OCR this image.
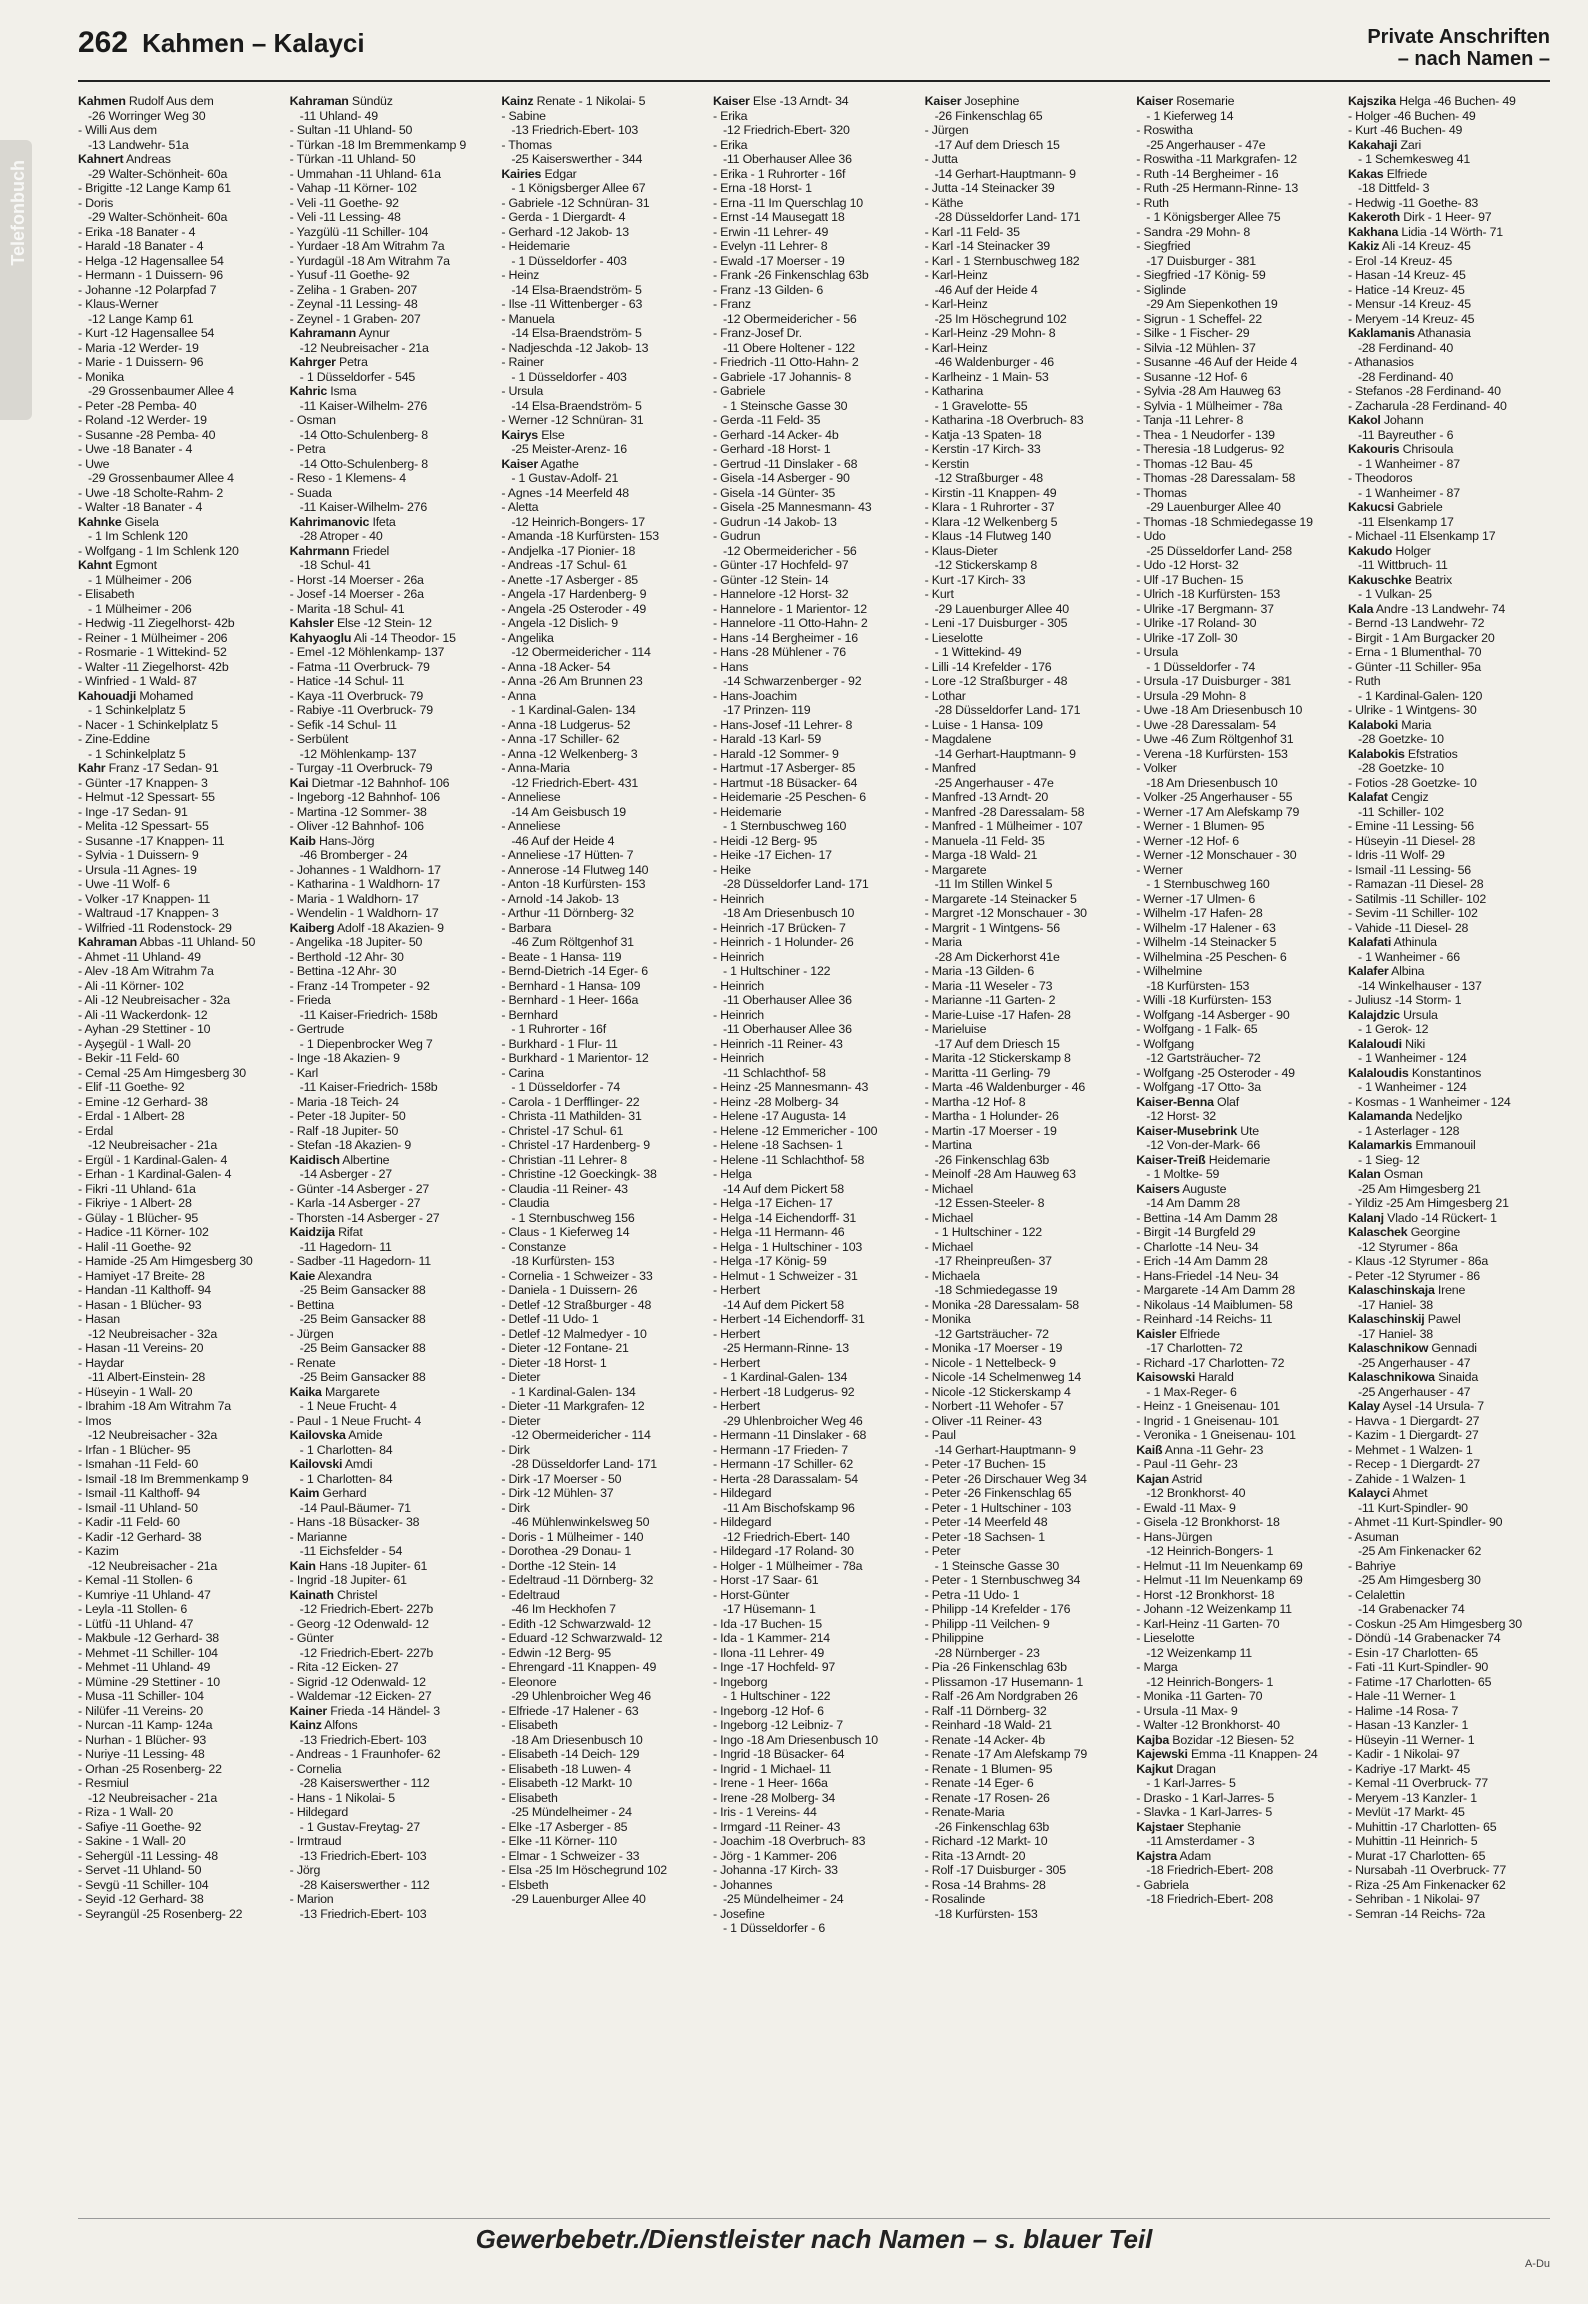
Telefonbuch
262 Kahmen – Kalayci	Private Anschriften
– nach Namen –
Kahmen Rudolf Aus dem
-26 Worringer Weg 30
- Willi Aus dem
-13 Landwehr- 51a
Kahnert Andreas
-29 Walter-Schönheit- 60a
- Brigitte -12 Lange Kamp 61
- Doris
-29 Walter-Schönheit- 60a
- Erika -18 Banater - 4
- Harald -18 Banater - 4
- Helga -12 Hagensallee 54
- Hermann - 1 Duissern- 96
- Johanne -12 Polarpfad 7
- Klaus-Werner
-12 Lange Kamp 61
- Kurt -12 Hagensallee 54
- Maria -12 Werder- 19
- Marie - 1 Duissern- 96
- Monika
-29 Grossenbaumer Allee 4
- Peter -28 Pemba- 40
- Roland -12 Werder- 19
- Susanne -28 Pemba- 40
- Uwe -18 Banater - 4
- Uwe
-29 Grossenbaumer Allee 4
- Uwe -18 Scholte-Rahm- 2
- Walter -18 Banater - 4
Kahnke Gisela
- 1 Im Schlenk 120
- Wolfgang - 1 Im Schlenk 120
Kahnt Egmont
- 1 Mülheimer - 206
- Elisabeth
- 1 Mülheimer - 206
- Hedwig -11 Ziegelhorst- 42b
- Reiner - 1 Mülheimer - 206
- Rosmarie - 1 Wittekind- 52
- Walter -11 Ziegelhorst- 42b
- Winfried - 1 Wald- 87
Kahouadji Mohamed
- 1 Schinkelplatz 5
- Nacer - 1 Schinkelplatz 5
- Zine-Eddine
- 1 Schinkelplatz 5
Kahr Franz -17 Sedan- 91
- Günter -17 Knappen- 3
- Helmut -12 Spessart- 55
- Inge -17 Sedan- 91
- Melita -12 Spessart- 55
- Susanne -17 Knappen- 11
- Sylvia - 1 Duissern- 9
- Ursula -11 Agnes- 19
- Uwe -11 Wolf- 6
- Volker -17 Knappen- 11
- Waltraud -17 Knappen- 3
- Wilfried -11 Rodenstock- 29
Kahraman Abbas -11 Uhland- 50
- Ahmet -11 Uhland- 49
- Alev -18 Am Witrahm 7a
- Ali -11 Körner- 102
- Ali -12 Neubreisacher - 32a
- Ali -11 Wackerdonk- 12
- Ayhan -29 Stettiner - 10
- Ayşegül - 1 Wall- 20
- Bekir -11 Feld- 60
- Cemal -25 Am Himgesberg 30
- Elif -11 Goethe- 92
- Emine -12 Gerhard- 38
- Erdal - 1 Albert- 28
- Erdal
-12 Neubreisacher - 21a
- Ergül - 1 Kardinal-Galen- 4
- Erhan - 1 Kardinal-Galen- 4
- Fikri -11 Uhland- 61a
- Fikriye - 1 Albert- 28
- Gülay - 1 Blücher- 95
- Hadice -11 Körner- 102
- Halil -11 Goethe- 92
- Hamide -25 Am Himgesberg 30
- Hamiyet -17 Breite- 28
- Handan -11 Kalthoff- 94
- Hasan - 1 Blücher- 93
- Hasan
-12 Neubreisacher - 32a
- Hasan -11 Vereins- 20
- Haydar
-11 Albert-Einstein- 28
- Hüseyin - 1 Wall- 20
- Ibrahim -18 Am Witrahm 7a
- Imos
-12 Neubreisacher - 32a
- Irfan - 1 Blücher- 95
- Ismahan -11 Feld- 60
- Ismail -18 Im Bremmenkamp 9
- Ismail -11 Kalthoff- 94
- Ismail -11 Uhland- 50
- Kadir -11 Feld- 60
- Kadir -12 Gerhard- 38
- Kazim
-12 Neubreisacher - 21a
- Kemal -11 Stollen- 6
- Kumriye -11 Uhland- 47
- Leyla -11 Stollen- 6
- Lütfü -11 Uhland- 47
- Makbule -12 Gerhard- 38
- Mehmet -11 Schiller- 104
- Mehmet -11 Uhland- 49
- Mümine -29 Stettiner - 10
- Musa -11 Schiller- 104
- Nilüfer -11 Vereins- 20
- Nurcan -11 Kamp- 124a
- Nurhan - 1 Blücher- 93
- Nuriye -11 Lessing- 48
- Orhan -25 Rosenberg- 22
- Resmiul
-12 Neubreisacher - 21a
- Riza - 1 Wall- 20
- Safiye -11 Goethe- 92
- Sakine - 1 Wall- 20
- Sehergül -11 Lessing- 48
- Servet -11 Uhland- 50
- Sevgü -11 Schiller- 104
- Seyid -12 Gerhard- 38
- Seyrangül -25 Rosenberg- 22
Kahraman Sündüz
-11 Uhland- 49
- Sultan -11 Uhland- 50
- Türkan -18 Im Bremmenkamp 9
- Türkan -11 Uhland- 50
- Ummahan -11 Uhland- 61a
- Vahap -11 Körner- 102
- Veli -11 Goethe- 92
- Veli -11 Lessing- 48
- Yazgülü -11 Schiller- 104
- Yurdaer -18 Am Witrahm 7a
- Yurdagül -18 Am Witrahm 7a
- Yusuf -11 Goethe- 92
- Zeliha - 1 Graben- 207
- Zeynal -11 Lessing- 48
- Zeynel - 1 Graben- 207
Kahramann Aynur
-12 Neubreisacher - 21a
Kahrger Petra
- 1 Düsseldorfer - 545
Kahric Isma
-11 Kaiser-Wilhelm- 276
- Osman
-14 Otto-Schulenberg- 8
- Petra
-14 Otto-Schulenberg- 8
- Reso - 1 Klemens- 4
- Suada
-11 Kaiser-Wilhelm- 276
Kahrimanovic Ifeta
-28 Atroper - 40
Kahrmann Friedel
-18 Schul- 41
- Horst -14 Moerser - 26a
- Josef -14 Moerser - 26a
- Marita -18 Schul- 41
Kahsler Else -12 Stein- 12
Kahyaoglu Ali -14 Theodor- 15
- Emel -12 Möhlenkamp- 137
- Fatma -11 Overbruck- 79
- Hatice -14 Schul- 11
- Kaya -11 Overbruck- 79
- Rabiye -11 Overbruck- 79
- Sefik -14 Schul- 11
- Serbülent
-12 Möhlenkamp- 137
- Turgay -11 Overbruck- 79
Kai Dietmar -12 Bahnhof- 106
- Ingeborg -12 Bahnhof- 106
- Martina -12 Sommer- 38
- Oliver -12 Bahnhof- 106
Kaib Hans-Jörg
-46 Bromberger - 24
- Johannes - 1 Waldhorn- 17
- Katharina - 1 Waldhorn- 17
- Maria - 1 Waldhorn- 17
- Wendelin - 1 Waldhorn- 17
Kaiberg Adolf -18 Akazien- 9
- Angelika -18 Jupiter- 50
- Berthold -12 Ahr- 30
- Bettina -12 Ahr- 30
- Franz -14 Trompeter - 92
- Frieda
-11 Kaiser-Friedrich- 158b
- Gertrude
- 1 Diepenbrocker Weg 7
- Inge -18 Akazien- 9
- Karl
-11 Kaiser-Friedrich- 158b
- Maria -18 Teich- 24
- Peter -18 Jupiter- 50
- Ralf -18 Jupiter- 50
- Stefan -18 Akazien- 9
Kaidisch Albertine
-14 Asberger - 27
- Günter -14 Asberger - 27
- Karla -14 Asberger - 27
- Thorsten -14 Asberger - 27
Kaidzija Rifat
-11 Hagedorn- 11
- Sadber -11 Hagedorn- 11
Kaie Alexandra
-25 Beim Gansacker 88
- Bettina
-25 Beim Gansacker 88
- Jürgen
-25 Beim Gansacker 88
- Renate
-25 Beim Gansacker 88
Kaika Margarete
- 1 Neue Frucht- 4
- Paul - 1 Neue Frucht- 4
Kailovska Amide
- 1 Charlotten- 84
Kailovski Amdi
- 1 Charlotten- 84
Kaim Gerhard
-14 Paul-Bäumer- 71
- Hans -18 Büsacker- 38
- Marianne
-11 Eichsfelder - 54
Kain Hans -18 Jupiter- 61
- Ingrid -18 Jupiter- 61
Kainath Christel
-12 Friedrich-Ebert- 227b
- Georg -12 Odenwald- 12
- Günter
-12 Friedrich-Ebert- 227b
- Rita -12 Eicken- 27
- Sigrid -12 Odenwald- 12
- Waldemar -12 Eicken- 27
Kainer Frieda -14 Händel- 3
Kainz Alfons
-13 Friedrich-Ebert- 103
- Andreas - 1 Fraunhofer- 62
- Cornelia
-28 Kaiserswerther - 112
- Hans - 1 Nikolai- 5
- Hildegard
- 1 Gustav-Freytag- 27
- Irmtraud
-13 Friedrich-Ebert- 103
- Jörg
-28 Kaiserswerther - 112
- Marion
-13 Friedrich-Ebert- 103
Kainz Renate - 1 Nikolai- 5
- Sabine
-13 Friedrich-Ebert- 103
- Thomas
-25 Kaiserswerther - 344
Kairies Edgar
- 1 Königsberger Allee 67
- Gabriele -12 Schnüran- 31
- Gerda - 1 Diergardt- 4
- Gerhard -12 Jakob- 13
- Heidemarie
- 1 Düsseldorfer - 403
- Heinz
-14 Elsa-Braendström- 5
- Ilse -11 Wittenberger - 63
- Manuela
-14 Elsa-Braendström- 5
- Nadjeschda -12 Jakob- 13
- Rainer
- 1 Düsseldorfer - 403
- Ursula
-14 Elsa-Braendström- 5
- Werner -12 Schnüran- 31
Kairys Else
-25 Meister-Arenz- 16
Kaiser Agathe
- 1 Gustav-Adolf- 21
- Agnes -14 Meerfeld 48
- Aletta
-12 Heinrich-Bongers- 17
- Amanda -18 Kurfürsten- 153
- Andjelka -17 Pionier- 18
- Andreas -17 Schul- 61
- Anette -17 Asberger - 85
- Angela -17 Hardenberg- 9
- Angela -25 Osteroder - 49
- Angela -12 Dislich- 9
- Angelika
-12 Obermeidericher - 114
- Anna -18 Acker- 54
- Anna -26 Am Brunnen 23
- Anna
- 1 Kardinal-Galen- 134
- Anna -18 Ludgerus- 52
- Anna -17 Schiller- 62
- Anna -12 Welkenberg- 3
- Anna-Maria
-12 Friedrich-Ebert- 431
- Anneliese
-14 Am Geisbusch 19
- Anneliese
-46 Auf der Heide 4
- Anneliese -17 Hütten- 7
- Annerose -14 Flutweg 140
- Anton -18 Kurfürsten- 153
- Arnold -14 Jakob- 13
- Arthur -11 Dörnberg- 32
- Barbara
-46 Zum Röltgenhof 31
- Beate - 1 Hansa- 119
- Bernd-Dietrich -14 Eger- 6
- Bernhard - 1 Hansa- 109
- Bernhard - 1 Heer- 166a
- Bernhard
- 1 Ruhrorter - 16f
- Burkhard - 1 Flur- 11
- Burkhard - 1 Marientor- 12
- Carina
- 1 Düsseldorfer - 74
- Carola - 1 Derfflinger- 22
- Christa -11 Mathilden- 31
- Christel -17 Schul- 61
- Christel -17 Hardenberg- 9
- Christian -11 Lehrer- 8
- Christine -12 Goeckingk- 38
- Claudia -11 Reiner- 43
- Claudia
- 1 Sternbuschweg 156
- Claus - 1 Kieferweg 14
- Constanze
-18 Kurfürsten- 153
- Cornelia - 1 Schweizer - 33
- Daniela - 1 Duissern- 26
- Detlef -12 Straßburger - 48
- Detlef -11 Udo- 1
- Detlef -12 Malmedyer - 10
- Dieter -12 Fontane- 21
- Dieter -18 Horst- 1
- Dieter
- 1 Kardinal-Galen- 134
- Dieter -11 Markgrafen- 12
- Dieter
-12 Obermeidericher - 114
- Dirk
-28 Düsseldorfer Land- 171
- Dirk -17 Moerser - 50
- Dirk -12 Mühlen- 37
- Dirk
-46 Mühlenwinkelsweg 50
- Doris - 1 Mülheimer - 140
- Dorothea -29 Donau- 1
- Dorthe -12 Stein- 14
- Edeltraud -11 Dörnberg- 32
- Edeltraud
-46 Im Heckhofen 7
- Edith -12 Schwarzwald- 12
- Eduard -12 Schwarzwald- 12
- Edwin -12 Berg- 95
- Ehrengard -11 Knappen- 49
- Eleonore
-29 Uhlenbroicher Weg 46
- Elfriede -17 Halener - 63
- Elisabeth
-18 Am Driesenbusch 10
- Elisabeth -14 Deich- 129
- Elisabeth -18 Luwen- 4
- Elisabeth -12 Markt- 10
- Elisabeth
-25 Mündelheimer - 24
- Elke -17 Asberger - 85
- Elke -11 Körner- 110
- Elmar - 1 Schweizer - 33
- Elsa -25 Im Höschegrund 102
- Elsbeth
-29 Lauenburger Allee 40
Kaiser Else -13 Arndt- 34
- Erika
-12 Friedrich-Ebert- 320
- Erika
-11 Oberhauser Allee 36
- Erika - 1 Ruhrorter - 16f
- Erna -18 Horst- 1
- Erna -11 Im Querschlag 10
- Ernst -14 Mausegatt 18
- Erwin -11 Lehrer- 49
- Evelyn -11 Lehrer- 8
- Ewald -17 Moerser - 19
- Frank -26 Finkenschlag 63b
- Franz -13 Gilden- 6
- Franz
-12 Obermeidericher - 56
- Franz-Josef Dr.
-11 Obere Holtener - 122
- Friedrich -11 Otto-Hahn- 2
- Gabriele -17 Johannis- 8
- Gabriele
- 1 Steinsche Gasse 30
- Gerda -11 Feld- 35
- Gerhard -14 Acker- 4b
- Gerhard -18 Horst- 1
- Gertrud -11 Dinslaker - 68
- Gisela -14 Asberger - 90
- Gisela -14 Günter- 35
- Gisela -25 Mannesmann- 43
- Gudrun -14 Jakob- 13
- Gudrun
-12 Obermeidericher - 56
- Günter -17 Hochfeld- 97
- Günter -12 Stein- 14
- Hannelore -12 Horst- 32
- Hannelore - 1 Marientor- 12
- Hannelore -11 Otto-Hahn- 2
- Hans -14 Bergheimer - 16
- Hans -28 Mühlener - 76
- Hans
-14 Schwarzenberger - 92
- Hans-Joachim
-17 Prinzen- 119
- Hans-Josef -11 Lehrer- 8
- Harald -13 Karl- 59
- Harald -12 Sommer- 9
- Hartmut -17 Asberger- 85
- Hartmut -18 Büsacker- 64
- Heidemarie -25 Peschen- 6
- Heidemarie
- 1 Sternbuschweg 160
- Heidi -12 Berg- 95
- Heike -17 Eichen- 17
- Heike
-28 Düsseldorfer Land- 171
- Heinrich
-18 Am Driesenbusch 10
- Heinrich -17 Brücken- 7
- Heinrich - 1 Holunder- 26
- Heinrich
- 1 Hultschiner - 122
- Heinrich
-11 Oberhauser Allee 36
- Heinrich
-11 Oberhauser Allee 36
- Heinrich -11 Reiner- 43
- Heinrich
-11 Schlachthof- 58
- Heinz -25 Mannesmann- 43
- Heinz -28 Molberg- 34
- Helene -17 Augusta- 14
- Helene -12 Emmericher - 100
- Helene -18 Sachsen- 1
- Helene -11 Schlachthof- 58
- Helga
-14 Auf dem Pickert 58
- Helga -17 Eichen- 17
- Helga -14 Eichendorff- 31
- Helga -11 Hermann- 46
- Helga - 1 Hultschiner - 103
- Helga -17 König- 59
- Helmut - 1 Schweizer - 31
- Herbert
-14 Auf dem Pickert 58
- Herbert -14 Eichendorff- 31
- Herbert
-25 Hermann-Rinne- 13
- Herbert
- 1 Kardinal-Galen- 134
- Herbert -18 Ludgerus- 92
- Herbert
-29 Uhlenbroicher Weg 46
- Hermann -11 Dinslaker - 68
- Hermann -17 Frieden- 7
- Hermann -17 Schiller- 62
- Herta -28 Darassalam- 54
- Hildegard
-11 Am Bischofskamp 96
- Hildegard
-12 Friedrich-Ebert- 140
- Hildegard -17 Roland- 30
- Holger - 1 Mülheimer - 78a
- Horst -17 Saar- 61
- Horst-Günter
-17 Hüsemann- 1
- Ida -17 Buchen- 15
- Ida - 1 Kammer- 214
- Ilona -11 Lehrer- 49
- Inge -17 Hochfeld- 97
- Ingeborg
- 1 Hultschiner - 122
- Ingeborg -12 Hof- 6
- Ingeborg -12 Leibniz- 7
- Ingo -18 Am Driesenbusch 10
- Ingrid -18 Büsacker- 64
- Ingrid - 1 Michael- 11
- Irene - 1 Heer- 166a
- Irene -28 Molberg- 34
- Iris - 1 Vereins- 44
- Irmgard -11 Reiner- 43
- Joachim -18 Overbruch- 83
- Jörg - 1 Kammer- 206
- Johanna -17 Kirch- 33
- Johannes
-25 Mündelheimer - 24
- Josefine
- 1 Düsseldorfer - 6
Kaiser Josephine
-26 Finkenschlag 65
- Jürgen
-17 Auf dem Driesch 15
- Jutta
-14 Gerhart-Hauptmann- 9
- Jutta -14 Steinacker 39
- Käthe
-28 Düsseldorfer Land- 171
- Karl -11 Feld- 35
- Karl -14 Steinacker 39
- Karl - 1 Sternbuschweg 182
- Karl-Heinz
-46 Auf der Heide 4
- Karl-Heinz
-25 Im Höschegrund 102
- Karl-Heinz -29 Mohn- 8
- Karl-Heinz
-46 Waldenburger - 46
- Karlheinz - 1 Main- 53
- Katharina
- 1 Gravelotte- 55
- Katharina -18 Overbruch- 83
- Katja -13 Spaten- 18
- Kerstin -17 Kirch- 33
- Kerstin
-12 Straßburger - 48
- Kirstin -11 Knappen- 49
- Klara - 1 Ruhrorter - 37
- Klara -12 Welkenberg 5
- Klaus -14 Flutweg 140
- Klaus-Dieter
-12 Stickerskamp 8
- Kurt -17 Kirch- 33
- Kurt
-29 Lauenburger Allee 40
- Leni -17 Duisburger - 305
- Lieselotte
- 1 Wittekind- 49
- Lilli -14 Krefelder - 176
- Lore -12 Straßburger - 48
- Lothar
-28 Düsseldorfer Land- 171
- Luise - 1 Hansa- 109
- Magdalene
-14 Gerhart-Hauptmann- 9
- Manfred
-25 Angerhauser - 47e
- Manfred -13 Arndt- 20
- Manfred -28 Daressalam- 58
- Manfred - 1 Mülheimer - 107
- Manuela -11 Feld- 35
- Marga -18 Wald- 21
- Margarete
-11 Im Stillen Winkel 5
- Margarete -14 Steinacker 5
- Margret -12 Monschauer - 30
- Margrit - 1 Wintgens- 56
- Maria
-28 Am Dickerhorst 41e
- Maria -13 Gilden- 6
- Maria -11 Weseler - 73
- Marianne -11 Garten- 2
- Marie-Luise -17 Hafen- 28
- Marieluise
-17 Auf dem Driesch 15
- Marita -12 Stickerskamp 8
- Maritta -11 Gerling- 79
- Marta -46 Waldenburger - 46
- Martha -12 Hof- 8
- Martha - 1 Holunder- 26
- Martin -17 Moerser - 19
- Martina
-26 Finkenschlag 63b
- Meinolf -28 Am Hauweg 63
- Michael
-12 Essen-Steeler- 8
- Michael
- 1 Hultschiner - 122
- Michael
-17 Rheinpreußen- 37
- Michaela
-18 Schmiedegasse 19
- Monika -28 Daressalam- 58
- Monika
-12 Gartsträucher- 72
- Monika -17 Moerser - 19
- Nicole - 1 Nettelbeck- 9
- Nicole -14 Schelmenweg 14
- Nicole -12 Stickerskamp 4
- Norbert -11 Wehofer - 57
- Oliver -11 Reiner- 43
- Paul
-14 Gerhart-Hauptmann- 9
- Peter -17 Buchen- 15
- Peter -26 Dirschauer Weg 34
- Peter -26 Finkenschlag 65
- Peter - 1 Hultschiner - 103
- Peter -14 Meerfeld 48
- Peter -18 Sachsen- 1
- Peter
- 1 Steinsche Gasse 30
- Peter - 1 Sternbuschweg 34
- Petra -11 Udo- 1
- Philipp -14 Krefelder - 176
- Philipp -11 Veilchen- 9
- Philippine
-28 Nürnberger - 23
- Pia -26 Finkenschlag 63b
- Plissamon -17 Husemann- 1
- Ralf -26 Am Nordgraben 26
- Ralf -11 Dörnberg- 32
- Reinhard -18 Wald- 21
- Renate -14 Acker- 4b
- Renate -17 Am Alefskamp 79
- Renate - 1 Blumen- 95
- Renate -14 Eger- 6
- Renate -17 Rosen- 26
- Renate-Maria
-26 Finkenschlag 63b
- Richard -12 Markt- 10
- Rita -13 Arndt- 20
- Rolf -17 Duisburger - 305
- Rosa -14 Brahms- 28
- Rosalinde
-18 Kurfürsten- 153
Kaiser Rosemarie
- 1 Kieferweg 14
- Roswitha
-25 Angerhauser - 47e
- Roswitha -11 Markgrafen- 12
- Ruth -14 Bergheimer - 16
- Ruth -25 Hermann-Rinne- 13
- Ruth
- 1 Königsberger Allee 75
- Sandra -29 Mohn- 8
- Siegfried
-17 Duisburger - 381
- Siegfried -17 König- 59
- Siglinde
-29 Am Siepenkothen 19
- Sigrun - 1 Scheffel- 22
- Silke - 1 Fischer- 29
- Silvia -12 Mühlen- 37
- Susanne -46 Auf der Heide 4
- Susanne -12 Hof- 6
- Sylvia -28 Am Hauweg 63
- Sylvia - 1 Mülheimer - 78a
- Tanja -11 Lehrer- 8
- Thea - 1 Neudorfer - 139
- Theresia -18 Ludgerus- 92
- Thomas -12 Bau- 45
- Thomas -28 Daressalam- 58
- Thomas
-29 Lauenburger Allee 40
- Thomas -18 Schmiedegasse 19
- Udo
-25 Düsseldorfer Land- 258
- Udo -12 Horst- 32
- Ulf -17 Buchen- 15
- Ulrich -18 Kurfürsten- 153
- Ulrike -17 Bergmann- 37
- Ulrike -17 Roland- 30
- Ulrike -17 Zoll- 30
- Ursula
- 1 Düsseldorfer - 74
- Ursula -17 Duisburger - 381
- Ursula -29 Mohn- 8
- Uwe -18 Am Driesenbusch 10
- Uwe -28 Daressalam- 54
- Uwe -46 Zum Röltgenhof 31
- Verena -18 Kurfürsten- 153
- Volker
-18 Am Driesenbusch 10
- Volker -25 Angerhauser - 55
- Werner -17 Am Alefskamp 79
- Werner - 1 Blumen- 95
- Werner -12 Hof- 6
- Werner -12 Monschauer - 30
- Werner
- 1 Sternbuschweg 160
- Werner -17 Ulmen- 6
- Wilhelm -17 Hafen- 28
- Wilhelm -17 Halener - 63
- Wilhelm -14 Steinacker 5
- Wilhelmina -25 Peschen- 6
- Wilhelmine
-18 Kurfürsten- 153
- Willi -18 Kurfürsten- 153
- Wolfgang -14 Asberger - 90
- Wolfgang - 1 Falk- 65
- Wolfgang
-12 Gartsträucher- 72
- Wolfgang -25 Osteroder - 49
- Wolfgang -17 Otto- 3a
Kaiser-Benna Olaf
-12 Horst- 32
Kaiser-Musebrink Ute
-12 Von-der-Mark- 66
Kaiser-Treiß Heidemarie
- 1 Moltke- 59
Kaisers Auguste
-14 Am Damm 28
- Bettina -14 Am Damm 28
- Birgit -14 Burgfeld 29
- Charlotte -14 Neu- 34
- Erich -14 Am Damm 28
- Hans-Friedel -14 Neu- 34
- Margarete -14 Am Damm 28
- Nikolaus -14 Maiblumen- 58
- Reinhard -14 Reichs- 11
Kaisler Elfriede
-17 Charlotten- 72
- Richard -17 Charlotten- 72
Kaisowski Harald
- 1 Max-Reger- 6
- Heinz - 1 Gneisenau- 101
- Ingrid - 1 Gneisenau- 101
- Veronika - 1 Gneisenau- 101
Kaiß Anna -11 Gehr- 23
- Paul -11 Gehr- 23
Kajan Astrid
-12 Bronkhorst- 40
- Ewald -11 Max- 9
- Gisela -12 Bronkhorst- 18
- Hans-Jürgen
-12 Heinrich-Bongers- 1
- Helmut -11 Im Neuenkamp 69
- Helmut -11 Im Neuenkamp 69
- Horst -12 Bronkhorst- 18
- Johann -12 Weizenkamp 11
- Karl-Heinz -11 Garten- 70
- Lieselotte
-12 Weizenkamp 11
- Marga
-12 Heinrich-Bongers- 1
- Monika -11 Garten- 70
- Ursula -11 Max- 9
- Walter -12 Bronkhorst- 40
Kajba Bozidar -12 Biesen- 52
Kajewski Emma -11 Knappen- 24
Kajkut Dragan
- 1 Karl-Jarres- 5
- Drasko - 1 Karl-Jarres- 5
- Slavka - 1 Karl-Jarres- 5
Kajstaer Stephanie
-11 Amsterdamer - 3
Kajstra Adam
-18 Friedrich-Ebert- 208
- Gabriela
-18 Friedrich-Ebert- 208
Kajszika Helga -46 Buchen- 49
- Holger -46 Buchen- 49
- Kurt -46 Buchen- 49
Kakahaji Zari
- 1 Schemkesweg 41
Kakas Elfriede
-18 Dittfeld- 3
- Hedwig -11 Goethe- 83
Kakeroth Dirk - 1 Heer- 97
Kakhana Lidia -14 Wörth- 71
Kakiz Ali -14 Kreuz- 45
- Erol -14 Kreuz- 45
- Hasan -14 Kreuz- 45
- Hatice -14 Kreuz- 45
- Mensur -14 Kreuz- 45
- Meryem -14 Kreuz- 45
Kaklamanis Athanasia
-28 Ferdinand- 40
- Athanasios
-28 Ferdinand- 40
- Stefanos -28 Ferdinand- 40
- Zacharula -28 Ferdinand- 40
Kakol Johann
-11 Bayreuther - 6
Kakouris Chrisoula
- 1 Wanheimer - 87
- Theodoros
- 1 Wanheimer - 87
Kakucsi Gabriele
-11 Elsenkamp 17
- Michael -11 Elsenkamp 17
Kakudo Holger
-11 Wittbruch- 11
Kakuschke Beatrix
- 1 Vulkan- 25
Kala Andre -13 Landwehr- 74
- Bernd -13 Landwehr- 72
- Birgit - 1 Am Burgacker 20
- Erna - 1 Blumenthal- 70
- Günter -11 Schiller- 95a
- Ruth
- 1 Kardinal-Galen- 120
- Ulrike - 1 Wintgens- 30
Kalaboki Maria
-28 Goetzke- 10
Kalabokis Efstratios
-28 Goetzke- 10
- Fotios -28 Goetzke- 10
Kalafat Cengiz
-11 Schiller- 102
- Emine -11 Lessing- 56
- Hüseyin -11 Diesel- 28
- Idris -11 Wolf- 29
- Ismail -11 Lessing- 56
- Ramazan -11 Diesel- 28
- Satilmis -11 Schiller- 102
- Sevim -11 Schiller- 102
- Vahide -11 Diesel- 28
Kalafati Athinula
- 1 Wanheimer - 66
Kalafer Albina
-14 Winkelhauser - 137
- Juliusz -14 Storm- 1
Kalajdzic Ursula
- 1 Gerok- 12
Kalaloudi Niki
- 1 Wanheimer - 124
Kalaloudis Konstantinos
- 1 Wanheimer - 124
- Kosmas - 1 Wanheimer - 124
Kalamanda Nedeljko
- 1 Asterlager - 128
Kalamarkis Emmanouil
- 1 Sieg- 12
Kalan Osman
-25 Am Himgesberg 21
- Yildiz -25 Am Himgesberg 21
Kalanj Vlado -14 Rückert- 1
Kalaschek Georgine
-12 Styrumer - 86a
- Klaus -12 Styrumer - 86a
- Peter -12 Styrumer - 86
Kalaschinskaja Irene
-17 Haniel- 38
Kalaschinskij Pawel
-17 Haniel- 38
Kalaschnikow Gennadi
-25 Angerhauser - 47
Kalaschnikowa Sinaida
-25 Angerhauser - 47
Kalay Aysel -14 Ursula- 7
- Havva - 1 Diergardt- 27
- Kazim - 1 Diergardt- 27
- Mehmet - 1 Walzen- 1
- Recep - 1 Diergardt- 27
- Zahide - 1 Walzen- 1
Kalayci Ahmet
-11 Kurt-Spindler- 90
- Ahmet -11 Kurt-Spindler- 90
- Asuman
-25 Am Finkenacker 62
- Bahriye
-25 Am Himgesberg 30
- Celalettin
-14 Grabenacker 74
- Coskun -25 Am Himgesberg 30
- Döndü -14 Grabenacker 74
- Esin -17 Charlotten- 65
- Fati -11 Kurt-Spindler- 90
- Fatime -17 Charlotten- 65
- Hale -11 Werner- 1
- Halime -14 Rosa- 7
- Hasan -13 Kanzler- 1
- Hüseyin -11 Werner- 1
- Kadir - 1 Nikolai- 97
- Kadriye -17 Markt- 45
- Kemal -11 Overbruck- 77
- Meryem -13 Kanzler- 1
- Mevlüt -17 Markt- 45
- Muhittin -17 Charlotten- 65
- Muhittin -11 Heinrich- 5
- Murat -17 Charlotten- 65
- Nursabah -11 Overbruck- 77
- Riza -25 Am Finkenacker 62
- Sehriban - 1 Nikolai- 97
- Semran -14 Reichs- 72a
Gewerbebetr./Dienstleister nach Namen – s. blauer Teil
A-Du
